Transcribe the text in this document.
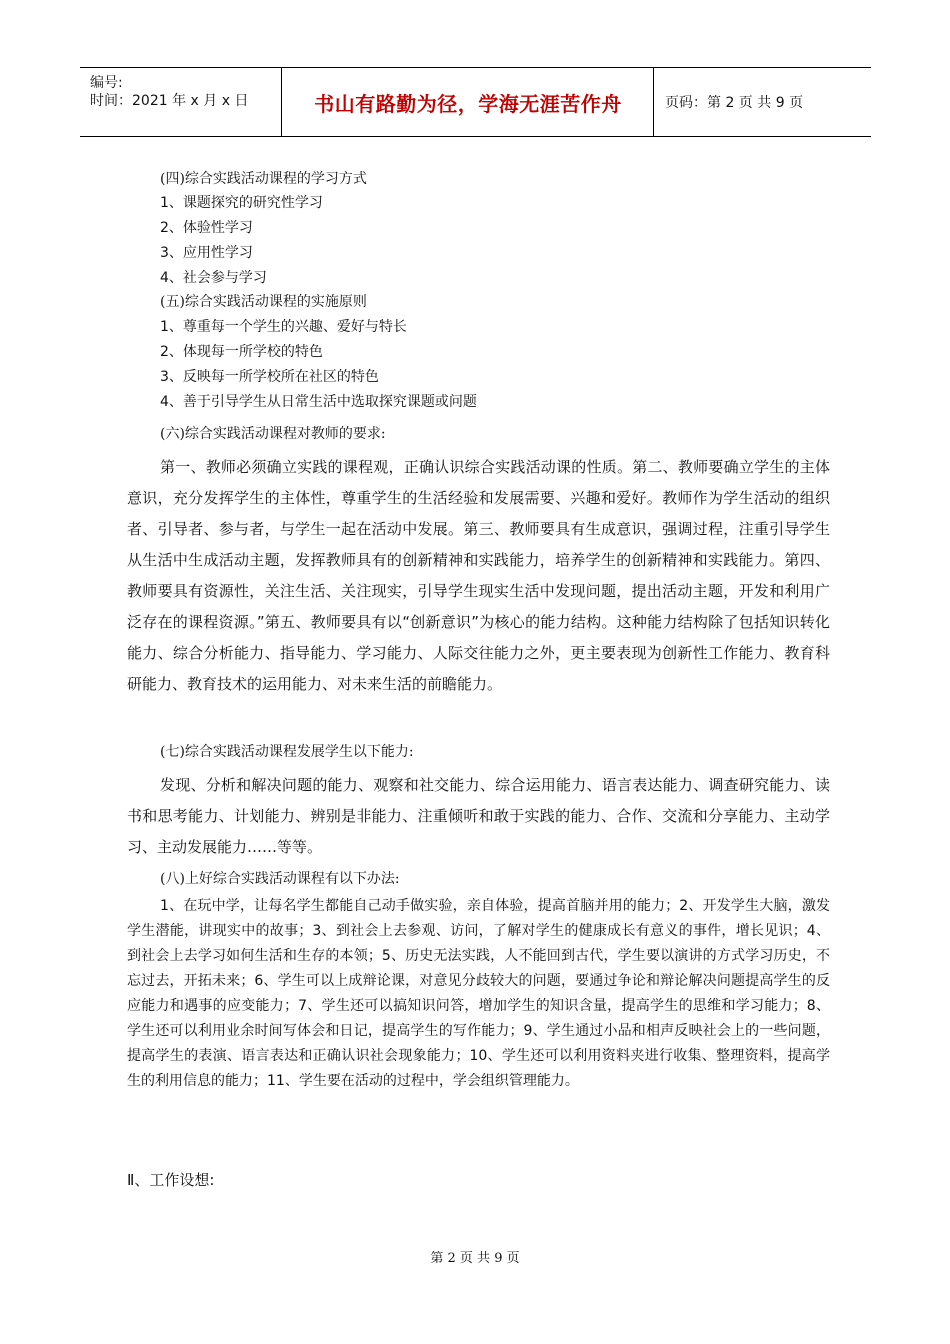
编号:
时间：2021 年 x 月 x 日	书山有路勤为径，学海无涯苦作舟	页码：第 2 页 共 9 页
(四)综合实践活动课程的学习方式
1、课题探究的研究性学习
2、体验性学习
3、应用性学习
4、社会参与学习
(五)综合实践活动课程的实施原则
1、尊重每一个学生的兴趣、爱好与特长
2、体现每一所学校的特色
3、反映每一所学校所在社区的特色
4、善于引导学生从日常生活中选取探究课题或问题
(六)综合实践活动课程对教师的要求:

第一、教师必须确立实践的课程观，正确认识综合实践活动课的性质。第二、教师要确立学生的主体意识，充分发挥学生的主体性，尊重学生的生活经验和发展需要、兴趣和爱好。教师作为学生活动的组织者、引导者、参与者，与学生一起在活动中发展。第三、教师要具有生成意识，强调过程，注重引导学生从生活中生成活动主题，发挥教师具有的创新精神和实践能力，培养学生的创新精神和实践能力。第四、教师要具有资源性，关注生活、关注现实，引导学生现实生活中发现问题，提出活动主题，开发和利用广泛存在的课程资源。”第五、教师要具有以“创新意识”为核心的能力结构。这种能力结构除了包括知识转化能力、综合分析能力、指导能力、学习能力、人际交往能力之外，更主要表现为创新性工作能力、教育科研能力、教育技术的运用能力、对未来生活的前瞻能力。

(七)综合实践活动课程发展学生以下能力:

发现、分析和解决问题的能力、观察和社交能力、综合运用能力、语言表达能力、调查研究能力、读书和思考能力、计划能力、辨别是非能力、注重倾听和敢于实践的能力、合作、交流和分享能力、主动学习、主动发展能力……等等。

(八)上好综合实践活动课程有以下办法:

1、在玩中学，让每名学生都能自己动手做实验，亲自体验，提高首脑并用的能力；2、开发学生大脑，激发学生潜能，讲现实中的故事；3、到社会上去参观、访问，了解对学生的健康成长有意义的事件，增长见识；4、到社会上去学习如何生活和生存的本领；5、历史无法实践，人不能回到古代，学生要以演讲的方式学习历史，不忘过去，开拓未来；6、学生可以上成辩论课，对意见分歧较大的问题，要通过争论和辩论解决问题提高学生的反应能力和遇事的应变能力；7、学生还可以搞知识问答，增加学生的知识含量，提高学生的思维和学习能力；8、学生还可以利用业余时间写体会和日记，提高学生的写作能力；9、学生通过小品和相声反映社会上的一些问题，提高学生的表演、语言表达和正确认识社会现象能力；10、学生还可以利用资料夹进行收集、整理资料，提高学生的利用信息的能力；11、学生要在活动的过程中，学会组织管理能力。

Ⅱ、工作设想:
第 2 页 共 9 页
